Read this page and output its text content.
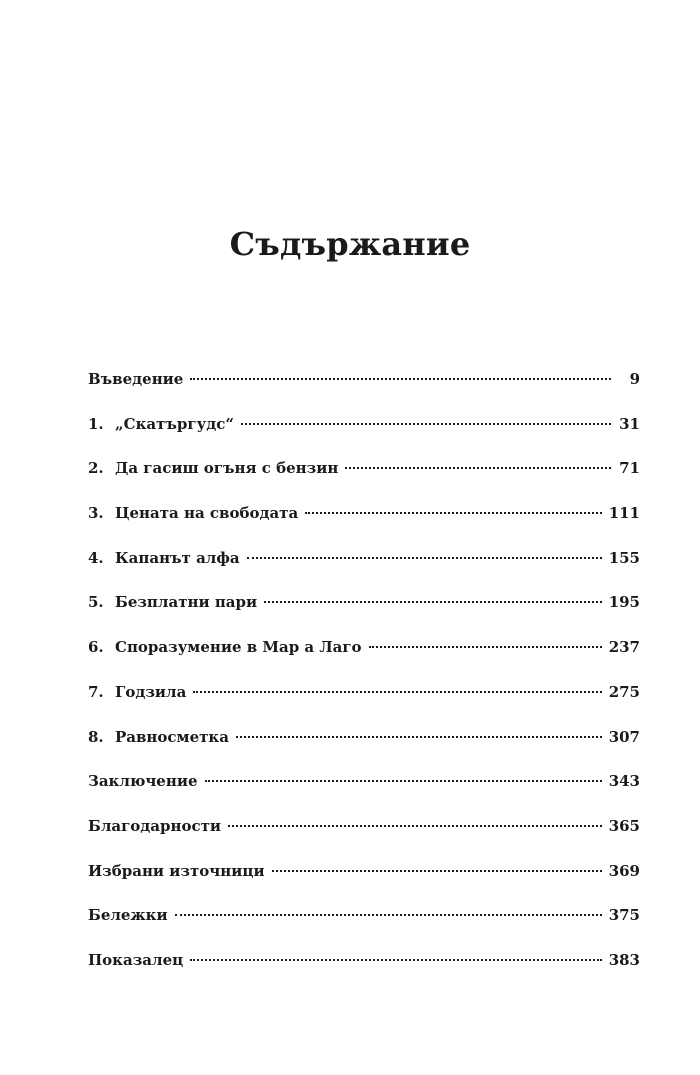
Съдържание
Въведение	9
1. „Скатъргудс“	31
2. Да гасиш огъня с бензин	71
3. Цената на свободата	111
4. Капанът алфа	155
5. Безплатни пари	195
6. Споразумение в Мар а Лаго	237
7. Годзила	275
8. Равносметка	307
Заключение	343
Благодарности	365
Избрани източници	369
Бележки	375
Показалец	383
